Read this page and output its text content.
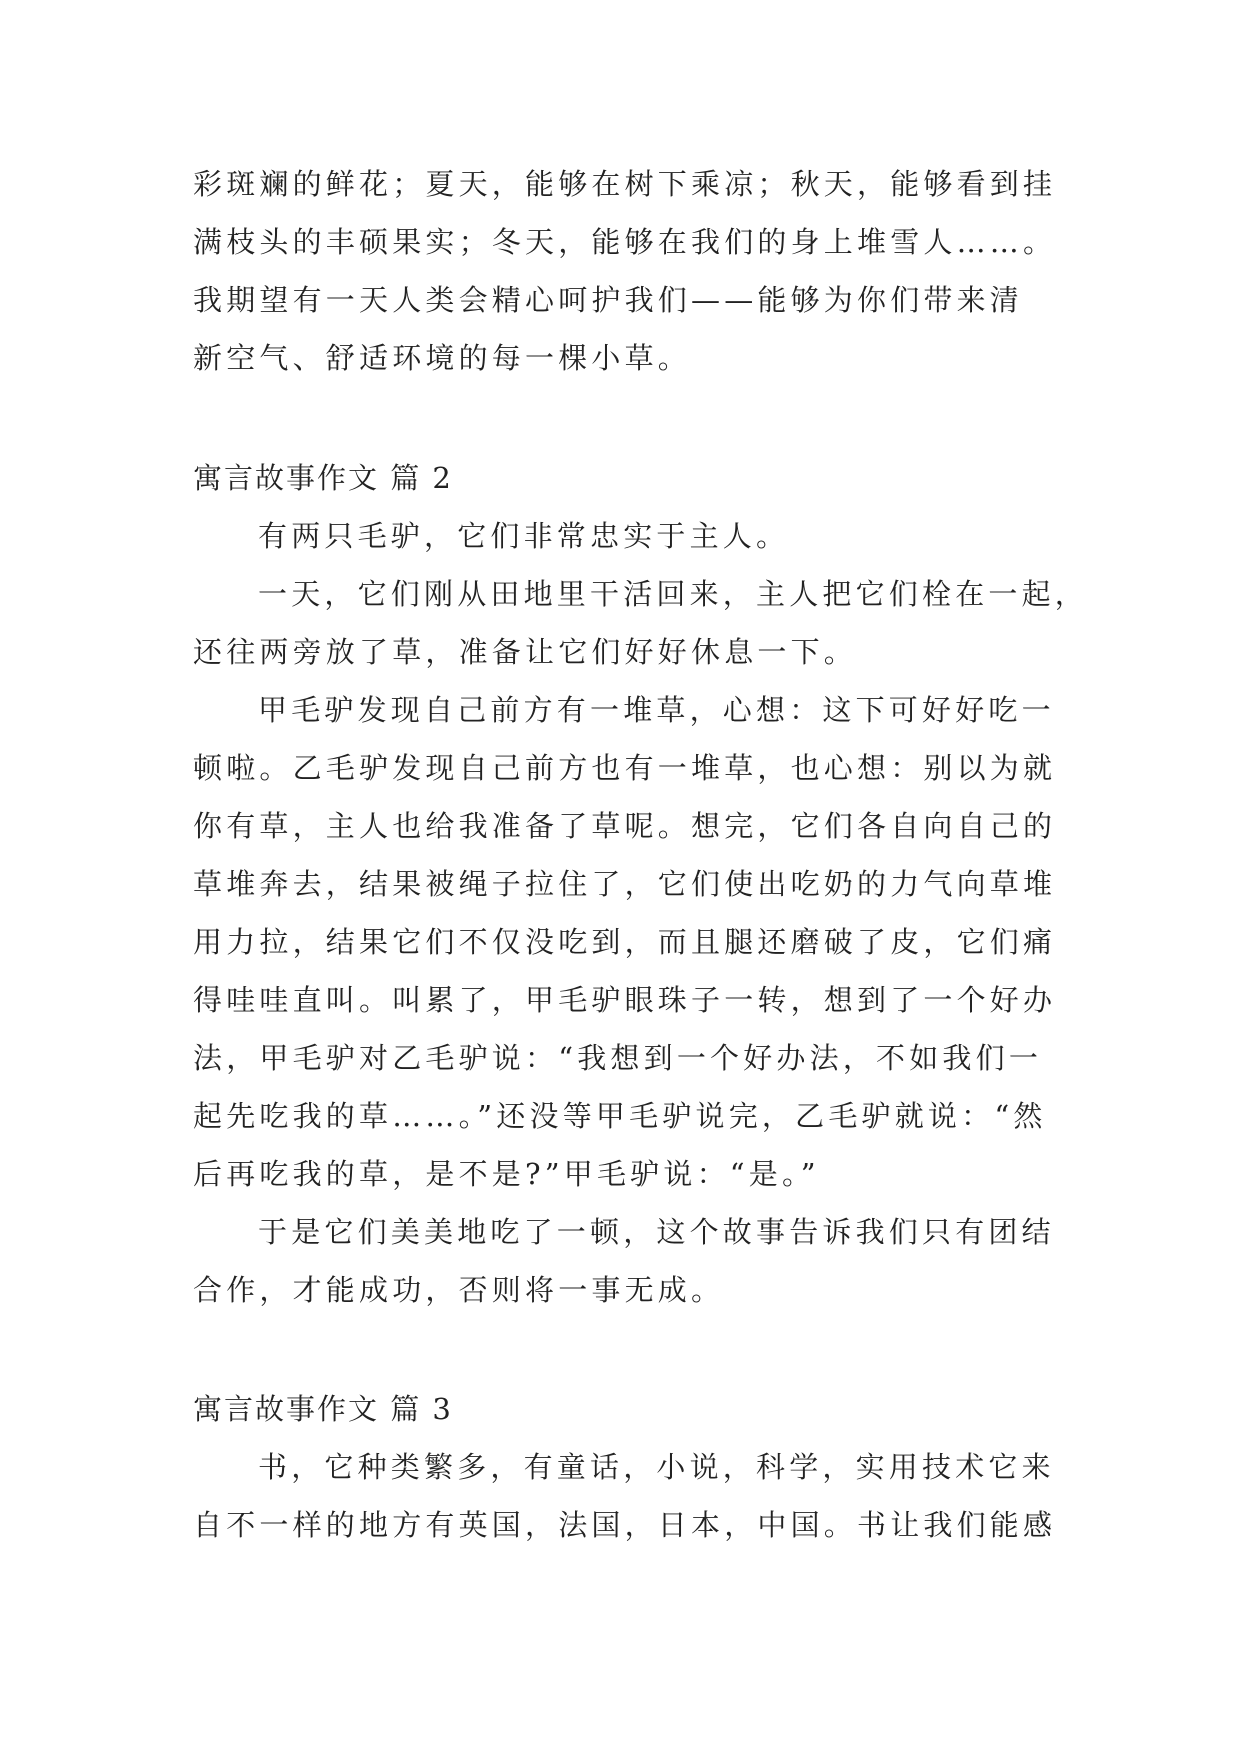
彩斑斓的鲜花；夏天，能够在树下乘凉；秋天，能够看到挂
满枝头的丰硕果实；冬天，能够在我们的身上堆雪人……。
我期望有一天人类会精心呵护我们——能够为你们带来清
新空气、舒适环境的每一棵小草。
寓言故事作文 篇 2
有两只毛驴，它们非常忠实于主人。
一天，它们刚从田地里干活回来，主人把它们栓在一起，
还往两旁放了草，准备让它们好好休息一下。
甲毛驴发现自己前方有一堆草，心想：这下可好好吃一
顿啦。乙毛驴发现自己前方也有一堆草，也心想：别以为就
你有草，主人也给我准备了草呢。想完，它们各自向自己的
草堆奔去，结果被绳子拉住了，它们使出吃奶的力气向草堆
用力拉，结果它们不仅没吃到，而且腿还磨破了皮，它们痛
得哇哇直叫。叫累了，甲毛驴眼珠子一转，想到了一个好办
法，甲毛驴对乙毛驴说：“我想到一个好办法，不如我们一
起先吃我的草……。”还没等甲毛驴说完，乙毛驴就说：“然
后再吃我的草，是不是?”甲毛驴说：“是。”
于是它们美美地吃了一顿，这个故事告诉我们只有团结
合作，才能成功，否则将一事无成。
寓言故事作文 篇 3
书，它种类繁多，有童话，小说，科学，实用技术它来
自不一样的地方有英国，法国，日本，中国。书让我们能感
